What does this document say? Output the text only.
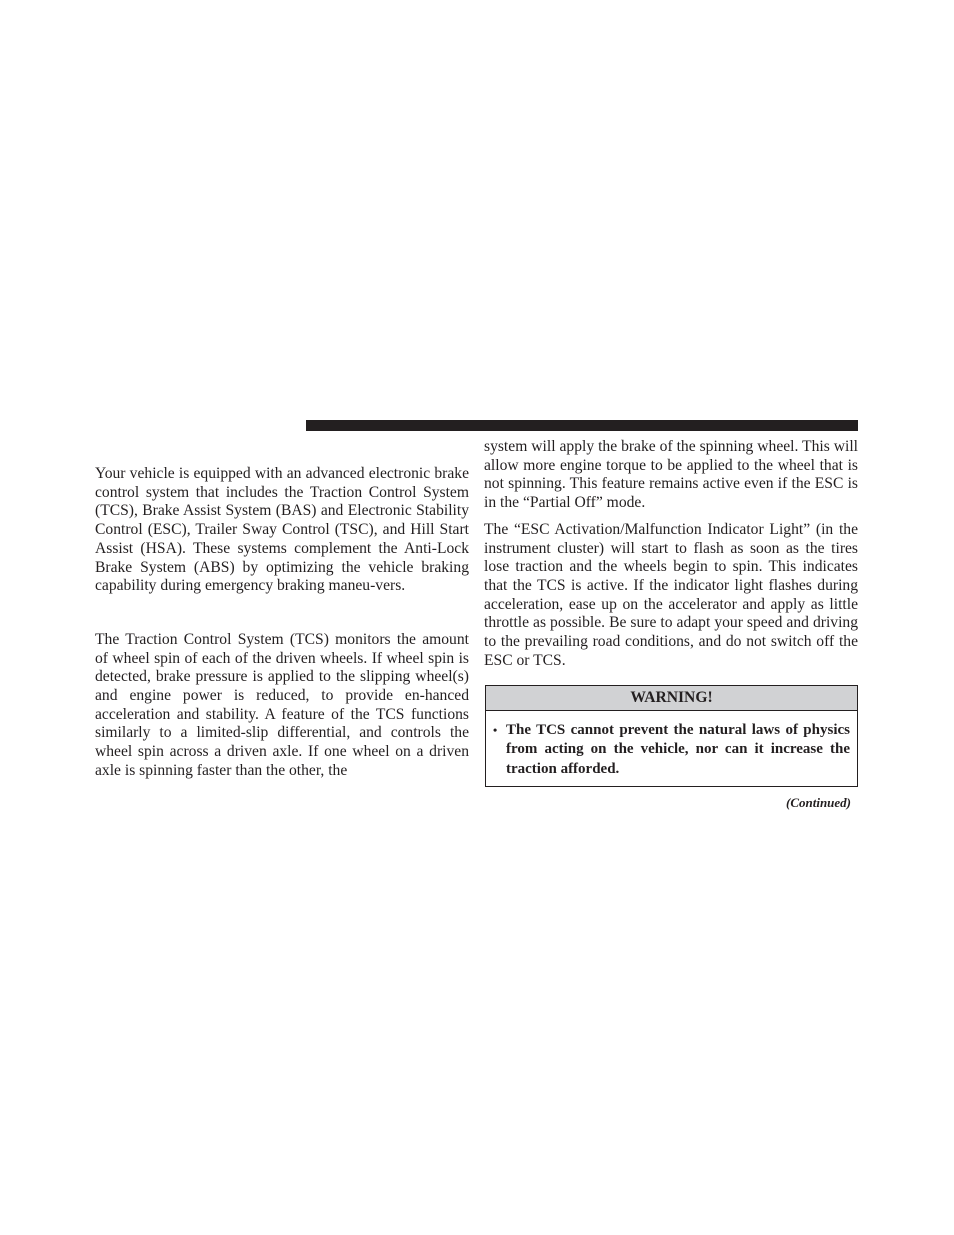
Your vehicle is equipped with an advanced electronic brake control system that includes the Traction Control System (TCS), Brake Assist System (BAS) and Electronic Stability Control (ESC), Trailer Sway Control (TSC), and Hill Start Assist (HSA). These systems complement the Anti-Lock Brake System (ABS) by optimizing the vehicle braking capability during emergency braking maneu-vers.

The Traction Control System (TCS) monitors the amount of wheel spin of each of the driven wheels. If wheel spin is detected, brake pressure is applied to the slipping wheel(s) and engine power is reduced, to provide en-hanced acceleration and stability. A feature of the TCS functions similarly to a limited-slip differential, and controls the wheel spin across a driven axle. If one wheel on a driven axle is spinning faster than the other, the

system will apply the brake of the spinning wheel. This will allow more engine torque to be applied to the wheel that is not spinning. This feature remains active even if the ESC is in the “Partial Off” mode.

The “ESC Activation/Malfunction Indicator Light” (in the instrument cluster) will start to flash as soon as the tires lose traction and the wheels begin to spin. This indicates that the TCS is active. If the indicator light flashes during acceleration, ease up on the accelerator and apply as little throttle as possible. Be sure to adapt your speed and driving to the prevailing road conditions, and do not switch off the ESC or TCS.

WARNING!
• The TCS cannot prevent the natural laws of physics from acting on the vehicle, nor can it increase the traction afforded.
(Continued)
